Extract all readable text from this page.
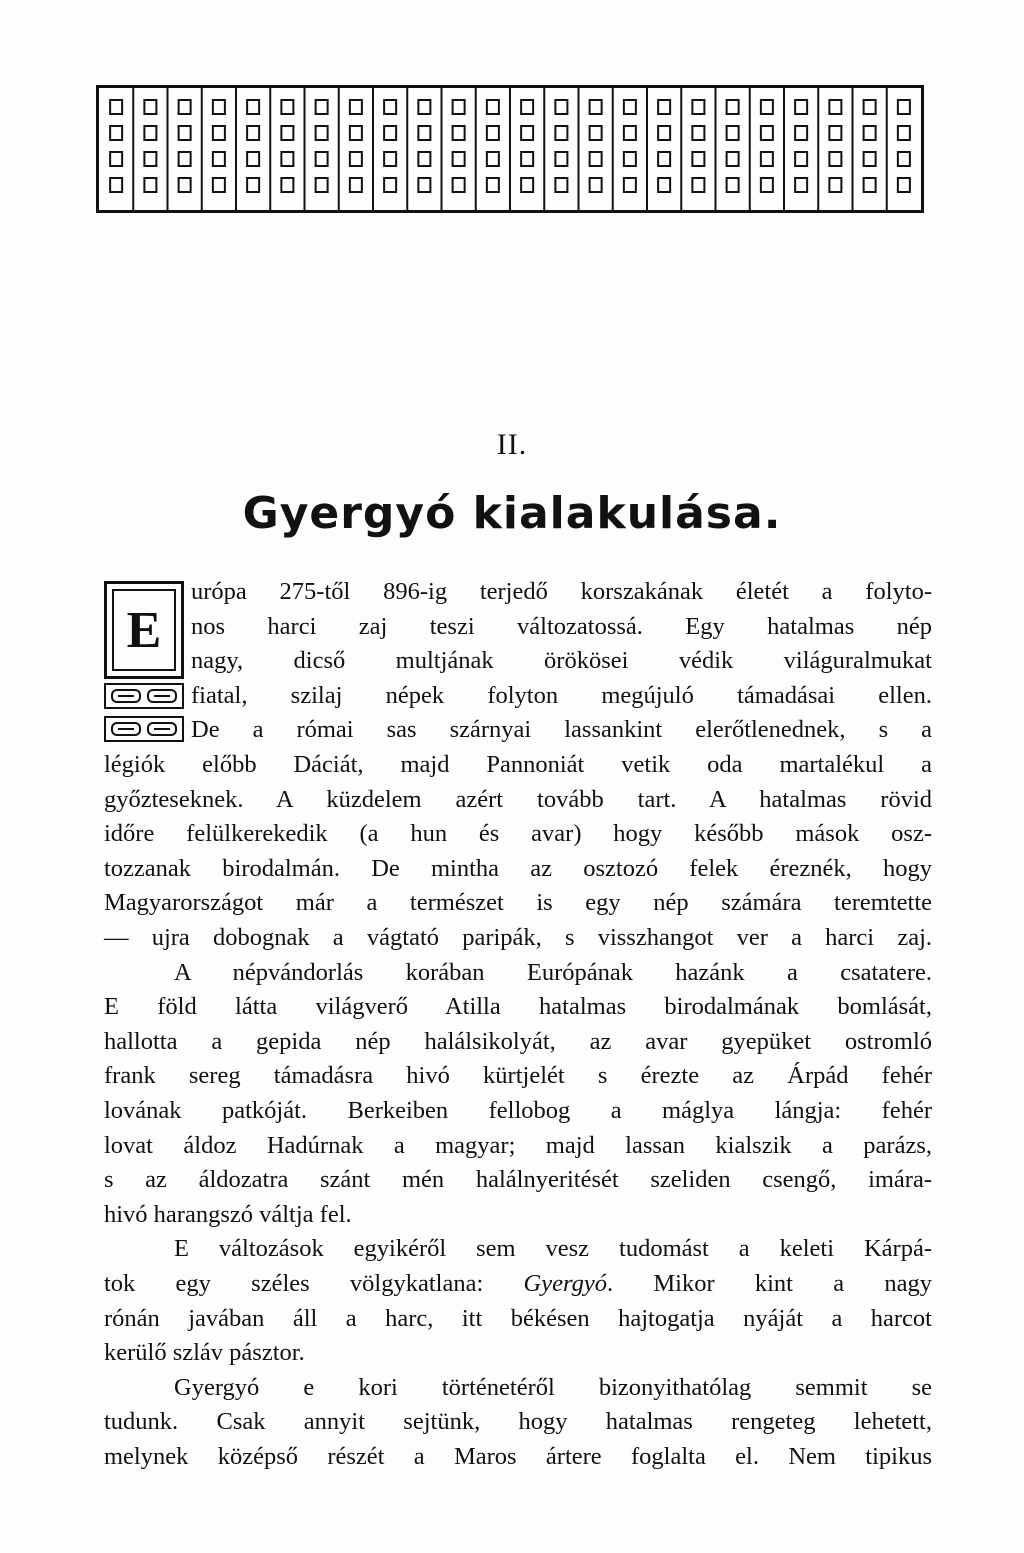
II.
Gyergyó kialakulása.
E
urópa 275-től 896-ig terjedő korszakának életét a folyto-
nos harci zaj teszi változatossá. Egy hatalmas nép
nagy, dicső multjának örökösei védik világuralmukat
fiatal, szilaj népek folyton megújuló támadásai ellen.
De a római sas szárnyai lassankint elerőtlenednek, s a
légiók előbb Dáciát, majd Pannoniát vetik oda martalékul a
győzteseknek. A küzdelem azért tovább tart. A hatalmas rövid
időre felülkerekedik (a hun és avar) hogy később mások osz-
tozzanak birodalmán. De mintha az osztozó felek éreznék, hogy
Magyarországot már a természet is egy nép számára teremtette
— ujra dobognak a vágtató paripák, s visszhangot ver a harci zaj.
A népvándorlás korában Európának hazánk a csatatere.
E föld látta világverő Atilla hatalmas birodalmának bomlását,
hallotta a gepida nép halálsikolyát, az avar gyepüket ostromló
frank sereg támadásra hivó kürtjelét s érezte az Árpád fehér
lovának patkóját. Berkeiben fellobog a máglya lángja: fehér
lovat áldoz Hadúrnak a magyar; majd lassan kialszik a parázs,
s az áldozatra szánt mén halálnyeritését szeliden csengő, imára-
hivó harangszó váltja fel.
E változások egyikéről sem vesz tudomást a keleti Kárpá-
tok egy széles völgykatlana: Gyergyó. Mikor kint a nagy
rónán javában áll a harc, itt békésen hajtogatja nyáját a harcot
kerülő szláv pásztor.
Gyergyó e kori történetéről bizonyithatólag semmit se
tudunk. Csak annyit sejtünk, hogy hatalmas rengeteg lehetett,
melynek középső részét a Maros ártere foglalta el. Nem tipikus
